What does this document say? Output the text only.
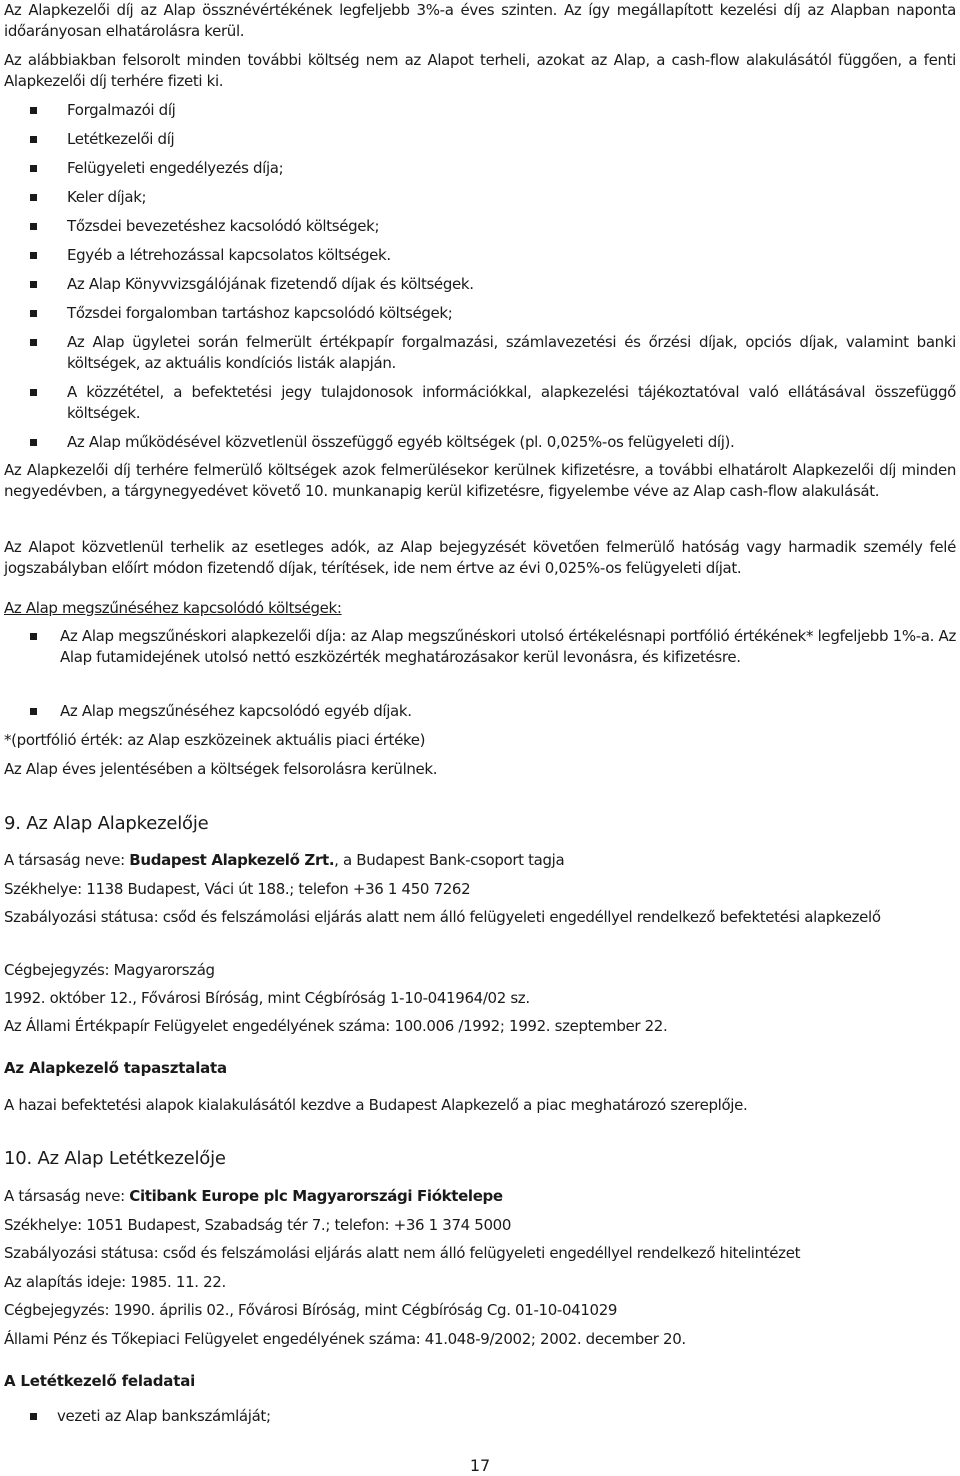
Az Alapkezelői díj az Alap össznévértékének legfeljebb 3%-a éves szinten. Az így megállapított kezelési díj az Alapban naponta időarányosan elhatárolásra kerül.

Az alábbiakban felsorolt minden további költség nem az Alapot terheli, azokat az Alap, a cash-flow alakulásától függően, a fenti Alapkezelői díj terhére fizeti ki.

Forgalmazói díj

Letétkezelői díj

Felügyeleti engedélyezés díja;

Keler díjak;

Tőzsdei bevezetéshez kacsolódó költségek;

Egyéb a létrehozással kapcsolatos költségek.

Az Alap Könyvvizsgálójának fizetendő díjak és költségek.

Tőzsdei forgalomban tartáshoz kapcsolódó költségek;

Az Alap ügyletei során felmerült értékpapír forgalmazási, számlavezetési és őrzési díjak, opciós díjak, valamint banki költségek, az aktuális kondíciós listák alapján.

A közzététel, a befektetési jegy tulajdonosok információkkal, alapkezelési tájékoztatóval való ellátásával összefüggő költségek.

Az Alap működésével közvetlenül összefüggő egyéb költségek (pl. 0,025%-os felügyeleti díj).

Az Alapkezelői díj terhére felmerülő költségek azok felmerülésekor kerülnek kifizetésre, a további elhatárolt Alapkezelői díj minden negyedévben, a tárgynegyedévet követő 10. munkanapig kerül kifizetésre, figyelembe véve az Alap cash-flow alakulását.

Az Alapot közvetlenül terhelik az esetleges adók, az Alap bejegyzését követően felmerülő hatóság vagy harmadik személy felé jogszabályban előírt módon fizetendő díjak, térítések, ide nem értve az évi 0,025%-os felügyeleti díjat.

Az Alap megszűnéséhez kapcsolódó költségek:

Az Alap megszűnéskori alapkezelői díja: az Alap megszűnéskori utolsó értékelésnapi portfólió értékének* legfeljebb 1%-a. Az Alap futamidejének utolsó nettó eszközérték meghatározásakor kerül levonásra, és kifizetésre.

Az Alap megszűnéséhez kapcsolódó egyéb díjak.

*(portfólió érték: az Alap eszközeinek aktuális piaci értéke)

Az Alap éves jelentésében a költségek felsorolásra kerülnek.

9. Az Alap Alapkezelője

A társaság neve: Budapest Alapkezelő Zrt., a Budapest Bank-csoport tagja

Székhelye: 1138 Budapest, Váci út 188.; telefon +36 1 450 7262

Szabályozási státusa: csőd és felszámolási eljárás alatt nem álló felügyeleti engedéllyel rendelkező befektetési alapkezelő

Cégbejegyzés: Magyarország

1992. október 12., Fővárosi Bíróság, mint Cégbíróság 1-10-041964/02 sz.

Az Állami Értékpapír Felügyelet engedélyének száma: 100.006 /1992; 1992. szeptember 22.

Az Alapkezelő tapasztalata

A hazai befektetési alapok kialakulásától kezdve a Budapest Alapkezelő a piac meghatározó szereplője.

10. Az Alap Letétkezelője

A társaság neve: Citibank Europe plc Magyarországi Fióktelepe

Székhelye: 1051 Budapest, Szabadság tér 7.; telefon: +36 1 374 5000

Szabályozási státusa: csőd és felszámolási eljárás alatt nem álló felügyeleti engedéllyel rendelkező hitelintézet

Az alapítás ideje: 1985. 11. 22.

Cégbejegyzés: 1990. április 02., Fővárosi Bíróság, mint Cégbíróság Cg. 01-10-041029

Állami Pénz és Tőkepiaci Felügyelet engedélyének száma: 41.048-9/2002; 2002. december 20.

A Letétkezelő feladatai

vezeti az Alap bankszámláját;

17
